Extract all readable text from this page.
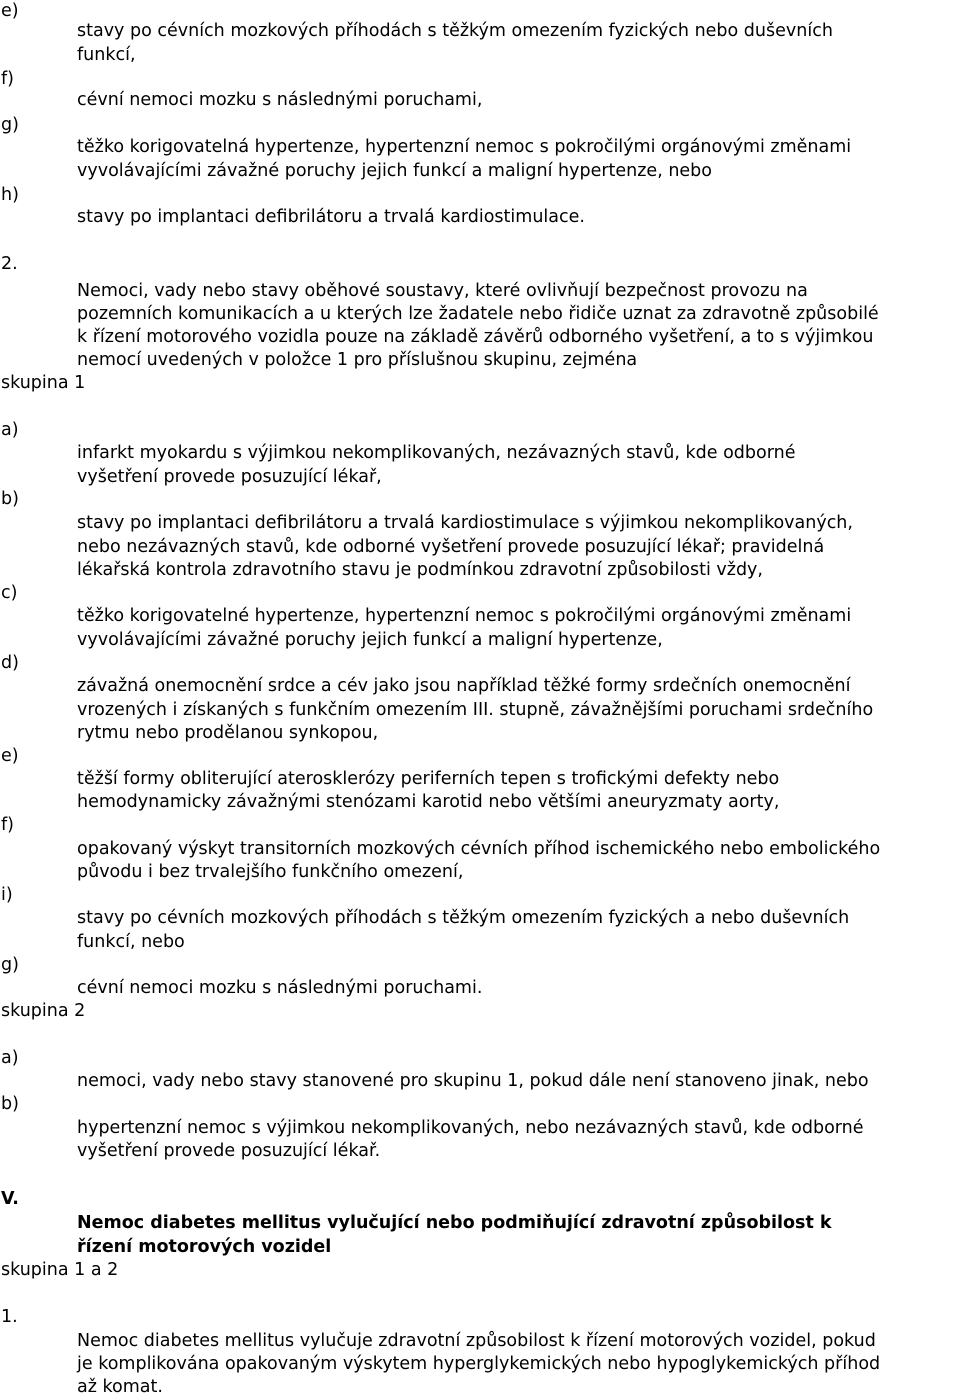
e)
stavy po cévních mozkových příhodách s těžkým omezením fyzických nebo duševních
funkcí,
f)
cévní nemoci mozku s následnými poruchami,
g)
těžko korigovatelná hypertenze, hypertenzní nemoc s pokročilými orgánovými změnami
vyvolávajícími závažné poruchy jejich funkcí a maligní hypertenze, nebo
h)
stavy po implantaci defibrilátoru a trvalá kardiostimulace.
2.
Nemoci, vady nebo stavy oběhové soustavy, které ovlivňují bezpečnost provozu na
pozemních komunikacích a u kterých lze žadatele nebo řidiče uznat za zdravotně způsobilé
k řízení motorového vozidla pouze na základě závěrů odborného vyšetření, a to s výjimkou
nemocí uvedených v položce 1 pro příslušnou skupinu, zejména
skupina 1
a)
infarkt myokardu s výjimkou nekomplikovaných, nezávazných stavů, kde odborné
vyšetření provede posuzující lékař,
b)
stavy po implantaci defibrilátoru a trvalá kardiostimulace s výjimkou nekomplikovaných,
nebo nezávazných stavů, kde odborné vyšetření provede posuzující lékař; pravidelná
lékařská kontrola zdravotního stavu je podmínkou zdravotní způsobilosti vždy,
c)
těžko korigovatelné hypertenze, hypertenzní nemoc s pokročilými orgánovými změnami
vyvolávajícími závažné poruchy jejich funkcí a maligní hypertenze,
d)
závažná onemocnění srdce a cév jako jsou například těžké formy srdečních onemocnění
vrozených i získaných s funkčním omezením III. stupně, závažnějšími poruchami srdečního
rytmu nebo prodělanou synkopou,
e)
těžší formy obliterující aterosklerózy periferních tepen s trofickými defekty nebo
hemodynamicky závažnými stenózami karotid nebo většími aneuryzmaty aorty,
f)
opakovaný výskyt transitorních mozkových cévních příhod ischemického nebo embolického
původu i bez trvalejšího funkčního omezení,
i)
stavy po cévních mozkových příhodách s těžkým omezením fyzických a nebo duševních
funkcí, nebo
g)
cévní nemoci mozku s následnými poruchami.
skupina 2
a)
nemoci, vady nebo stavy stanovené pro skupinu 1, pokud dále není stanoveno jinak, nebo
b)
hypertenzní nemoc s výjimkou nekomplikovaných, nebo nezávazných stavů, kde odborné
vyšetření provede posuzující lékař.
V.
Nemoc diabetes mellitus vylučující nebo podmiňující zdravotní způsobilost k
řízení motorových vozidel
skupina 1 a 2
1.
Nemoc diabetes mellitus vylučuje zdravotní způsobilost k řízení motorových vozidel, pokud
je komplikována opakovaným výskytem hyperglykemických nebo hypoglykemických příhod
až komat.
